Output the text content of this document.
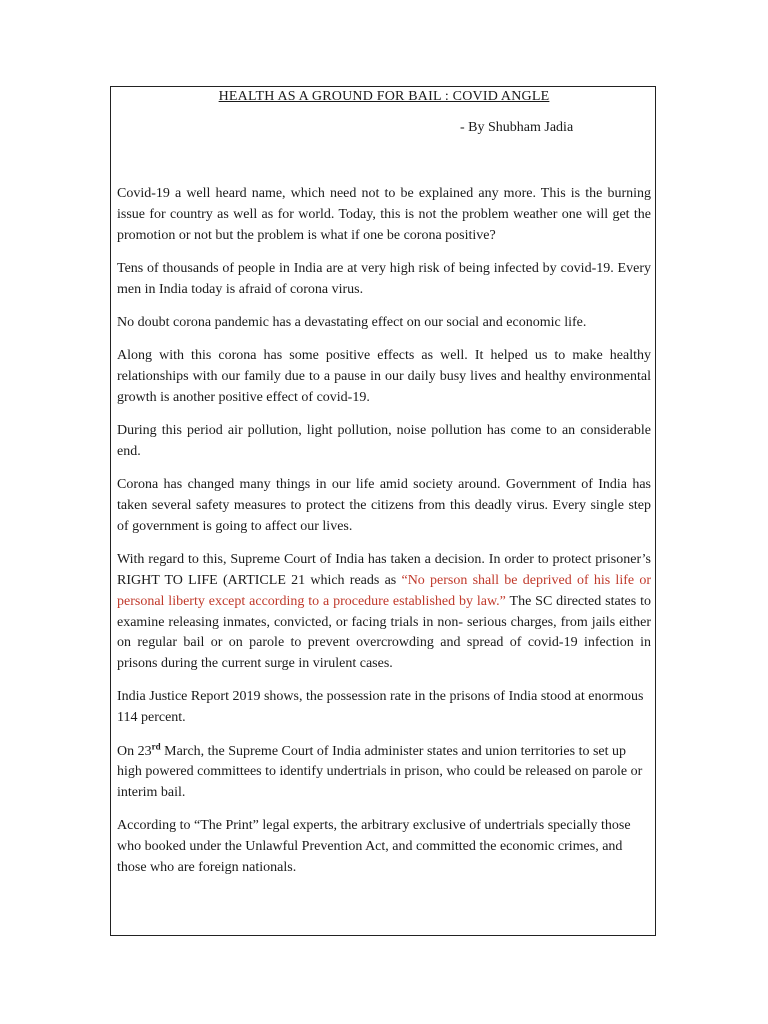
HEALTH AS A GROUND FOR BAIL : COVID ANGLE
- By Shubham Jadia

Covid-19 a well heard name, which need not to be explained any more. This is the burning issue for country as well as for world. Today, this is not the problem weather one will get the promotion or not but the problem is what if one be corona positive?

Tens of thousands of people in India are at very high risk of being infected by covid-19. Every men in India today is afraid of corona virus.

No doubt corona pandemic has a devastating effect on our social and economic life.

Along with this corona has some positive effects as well. It helped us to make healthy relationships with our family due to a pause in our daily busy lives and healthy environmental growth is another positive effect of covid-19.

During this period air pollution, light pollution, noise pollution has come to an considerable end.

Corona has changed many things in our life amid society around. Government of India has taken several safety measures to protect the citizens from this deadly virus. Every single step of government is going to affect our lives.

With regard to this, Supreme Court of India has taken a decision. In order to protect prisoner’s RIGHT TO LIFE (ARTICLE 21 which reads as “No person shall be deprived of his life or personal liberty except according to a procedure established by law.” The SC directed states to examine releasing inmates, convicted, or facing trials in non- serious charges, from jails either on regular bail or on parole to prevent overcrowding and spread of covid-19 infection in prisons during the current surge in virulent cases.

India Justice Report 2019 shows, the possession rate in the prisons of India stood at enormous 114 percent.

On 23rd March, the Supreme Court of India administer states and union territories to set up high powered committees to identify undertrials in prison, who could be released on parole or interim bail.

According to “The Print” legal experts, the arbitrary exclusive of undertrials specially those who booked under the Unlawful Prevention Act, and committed the economic crimes, and those who are foreign nationals.
